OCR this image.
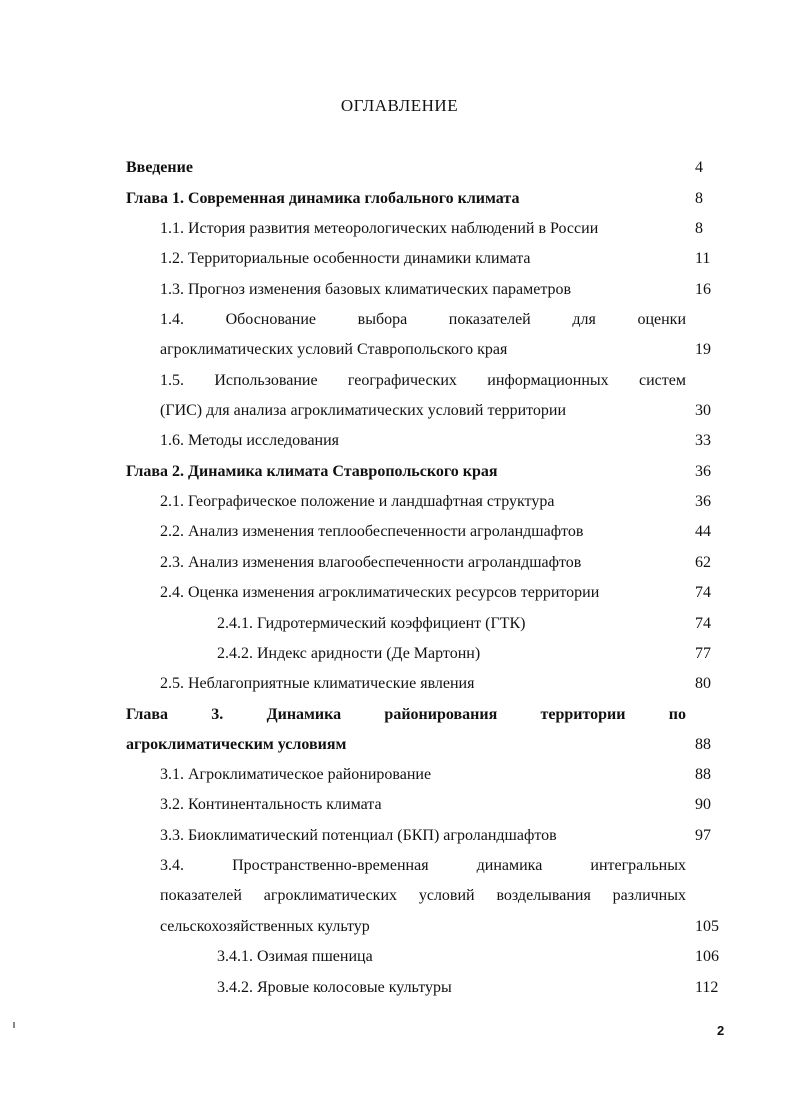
ОГЛАВЛЕНИЕ
Введение	4
Глава 1. Современная динамика глобального климата	8
1.1. История развития метеорологических наблюдений в России	8
1.2. Территориальные особенности динамики климата	11
1.3. Прогноз изменения базовых климатических параметров	16
1.4. Обоснование выбора показателей для оценки
агроклиматических условий Ставропольского края	19
1.5. Использование географических информационных систем
(ГИС) для анализа агроклиматических условий территории	30
1.6. Методы исследования	33
Глава 2. Динамика климата Ставропольского края	36
2.1. Географическое положение и ландшафтная структура	36
2.2. Анализ изменения теплообеспеченности агроландшафтов	44
2.3. Анализ изменения влагообеспеченности агроландшафтов	62
2.4. Оценка изменения агроклиматических ресурсов территории	74
2.4.1. Гидротермический коэффициент (ГТК)	74
2.4.2. Индекс аридности (Де Мартонн)	77
2.5. Неблагоприятные климатические явления	80
Глава 3. Динамика районирования территории по
агроклиматическим условиям	88
3.1. Агроклиматическое районирование	88
3.2. Континентальность климата	90
3.3. Биоклиматический потенциал (БКП) агроландшафтов	97
3.4. Пространственно-временная динамика интегральных
показателей агроклиматических условий возделывания различных
сельскохозяйственных культур	105
3.4.1. Озимая пшеница	106
3.4.2. Яровые колосовые культуры	112
2
